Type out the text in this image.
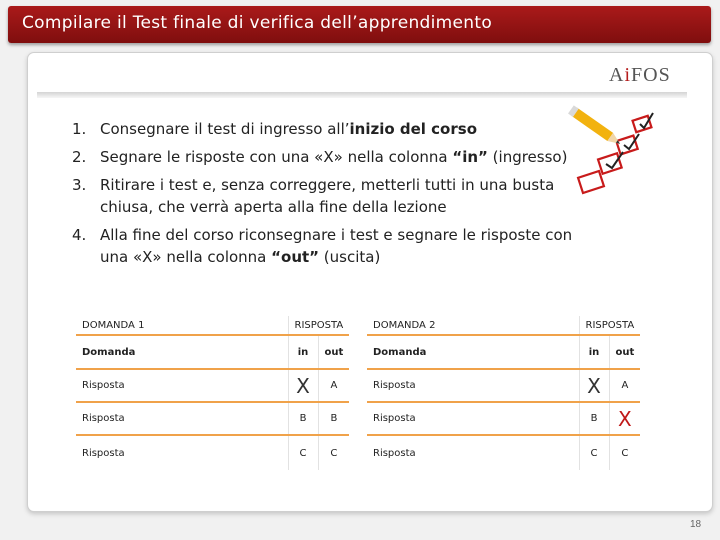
Compilare il Test finale di verifica dell’apprendimento
AiFOS
1. Consegnare il test di ingresso all’inizio del corso
2. Segnare le risposte con una «X» nella colonna “in” (ingresso)
3. Ritirare i test e, senza correggere, metterli tutti in una busta chiusa, che verrà aperta alla fine della lezione
4. Alla fine del corso riconsegnare i test e segnare le risposte con una «X» nella colonna “out” (uscita)
DOMANDA 1	RISPOSTA	
Domanda	in	out
Risposta	X	A
Risposta	B	B
Risposta	C	C
DOMANDA 2	RISPOSTA	
Domanda	in	out
Risposta	X	A
Risposta	B	X
Risposta	C	C
18
